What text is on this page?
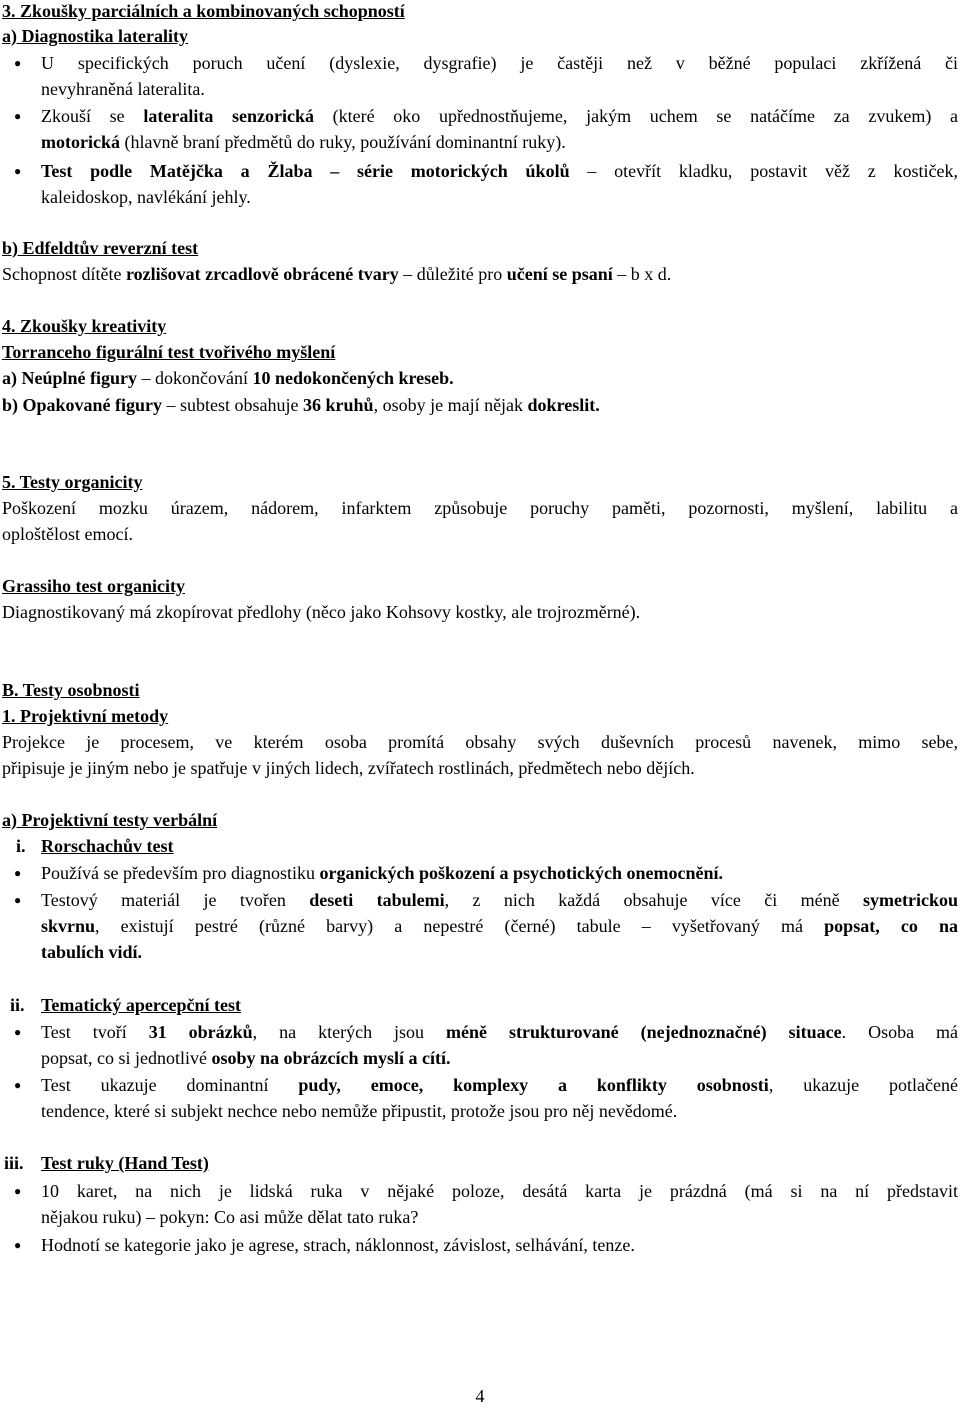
3. Zkoušky parciálních a kombinovaných schopností
a) Diagnostika laterality
● U specifických poruch učení (dyslexie, dysgrafie) je častěji než v běžné populaci zkřížená či
nevyhraněná lateralita.
● Zkouší se lateralita senzorická (které oko upřednostňujeme, jakým uchem se natáčíme za zvukem) a
motorická (hlavně braní předmětů do ruky, používání dominantní ruky).
● Test podle Matějčka a Žlaba – série motorických úkolů – otevřít kladku, postavit věž z kostiček,
kaleidoskop, navlékání jehly.
b) Edfeldtův reverzní test
Schopnost dítěte rozlišovat zrcadlově obrácené tvary – důležité pro učení se psaní – b x d.
4. Zkoušky kreativity
Torranceho figurální test tvořivého myšlení
a) Neúplné figury – dokončování 10 nedokončených kreseb.
b) Opakované figury – subtest obsahuje 36 kruhů, osoby je mají nějak dokreslit.
5. Testy organicity
Poškození mozku úrazem, nádorem, infarktem způsobuje poruchy paměti, pozornosti, myšlení, labilitu a
oploštělost emocí.
Grassiho test organicity
Diagnostikovaný má zkopírovat předlohy (něco jako Kohsovy kostky, ale trojrozměrné).
B. Testy osobnosti
1. Projektivní metody
Projekce je procesem, ve kterém osoba promítá obsahy svých duševních procesů navenek, mimo sebe,
připisuje je jiným nebo je spatřuje v jiných lidech, zvířatech rostlinách, předmětech nebo dějích.
a) Projektivní testy verbální
i. Rorschachův test
● Používá se především pro diagnostiku organických poškození a psychotických onemocnění.
● Testový materiál je tvořen deseti tabulemi, z nich každá obsahuje více či méně symetrickou
skvrnu, existují pestré (různé barvy) a nepestré (černé) tabule – vyšetřovaný má popsat, co na
tabulích vidí.
ii. Tematický apercepční test
● Test tvoří 31 obrázků, na kterých jsou méně strukturované (nejednoznačné) situace. Osoba má
popsat, co si jednotlivé osoby na obrázcích myslí a cítí.
● Test ukazuje dominantní pudy, emoce, komplexy a konflikty osobnosti, ukazuje potlačené
tendence, které si subjekt nechce nebo nemůže připustit, protože jsou pro něj nevědomé.
iii. Test ruky (Hand Test)
● 10 karet, na nich je lidská ruka v nějaké poloze, desátá karta je prázdná (má si na ní představit
nějakou ruku) – pokyn: Co asi může dělat tato ruka?
● Hodnotí se kategorie jako je agrese, strach, náklonnost, závislost, selhávání, tenze.
4
